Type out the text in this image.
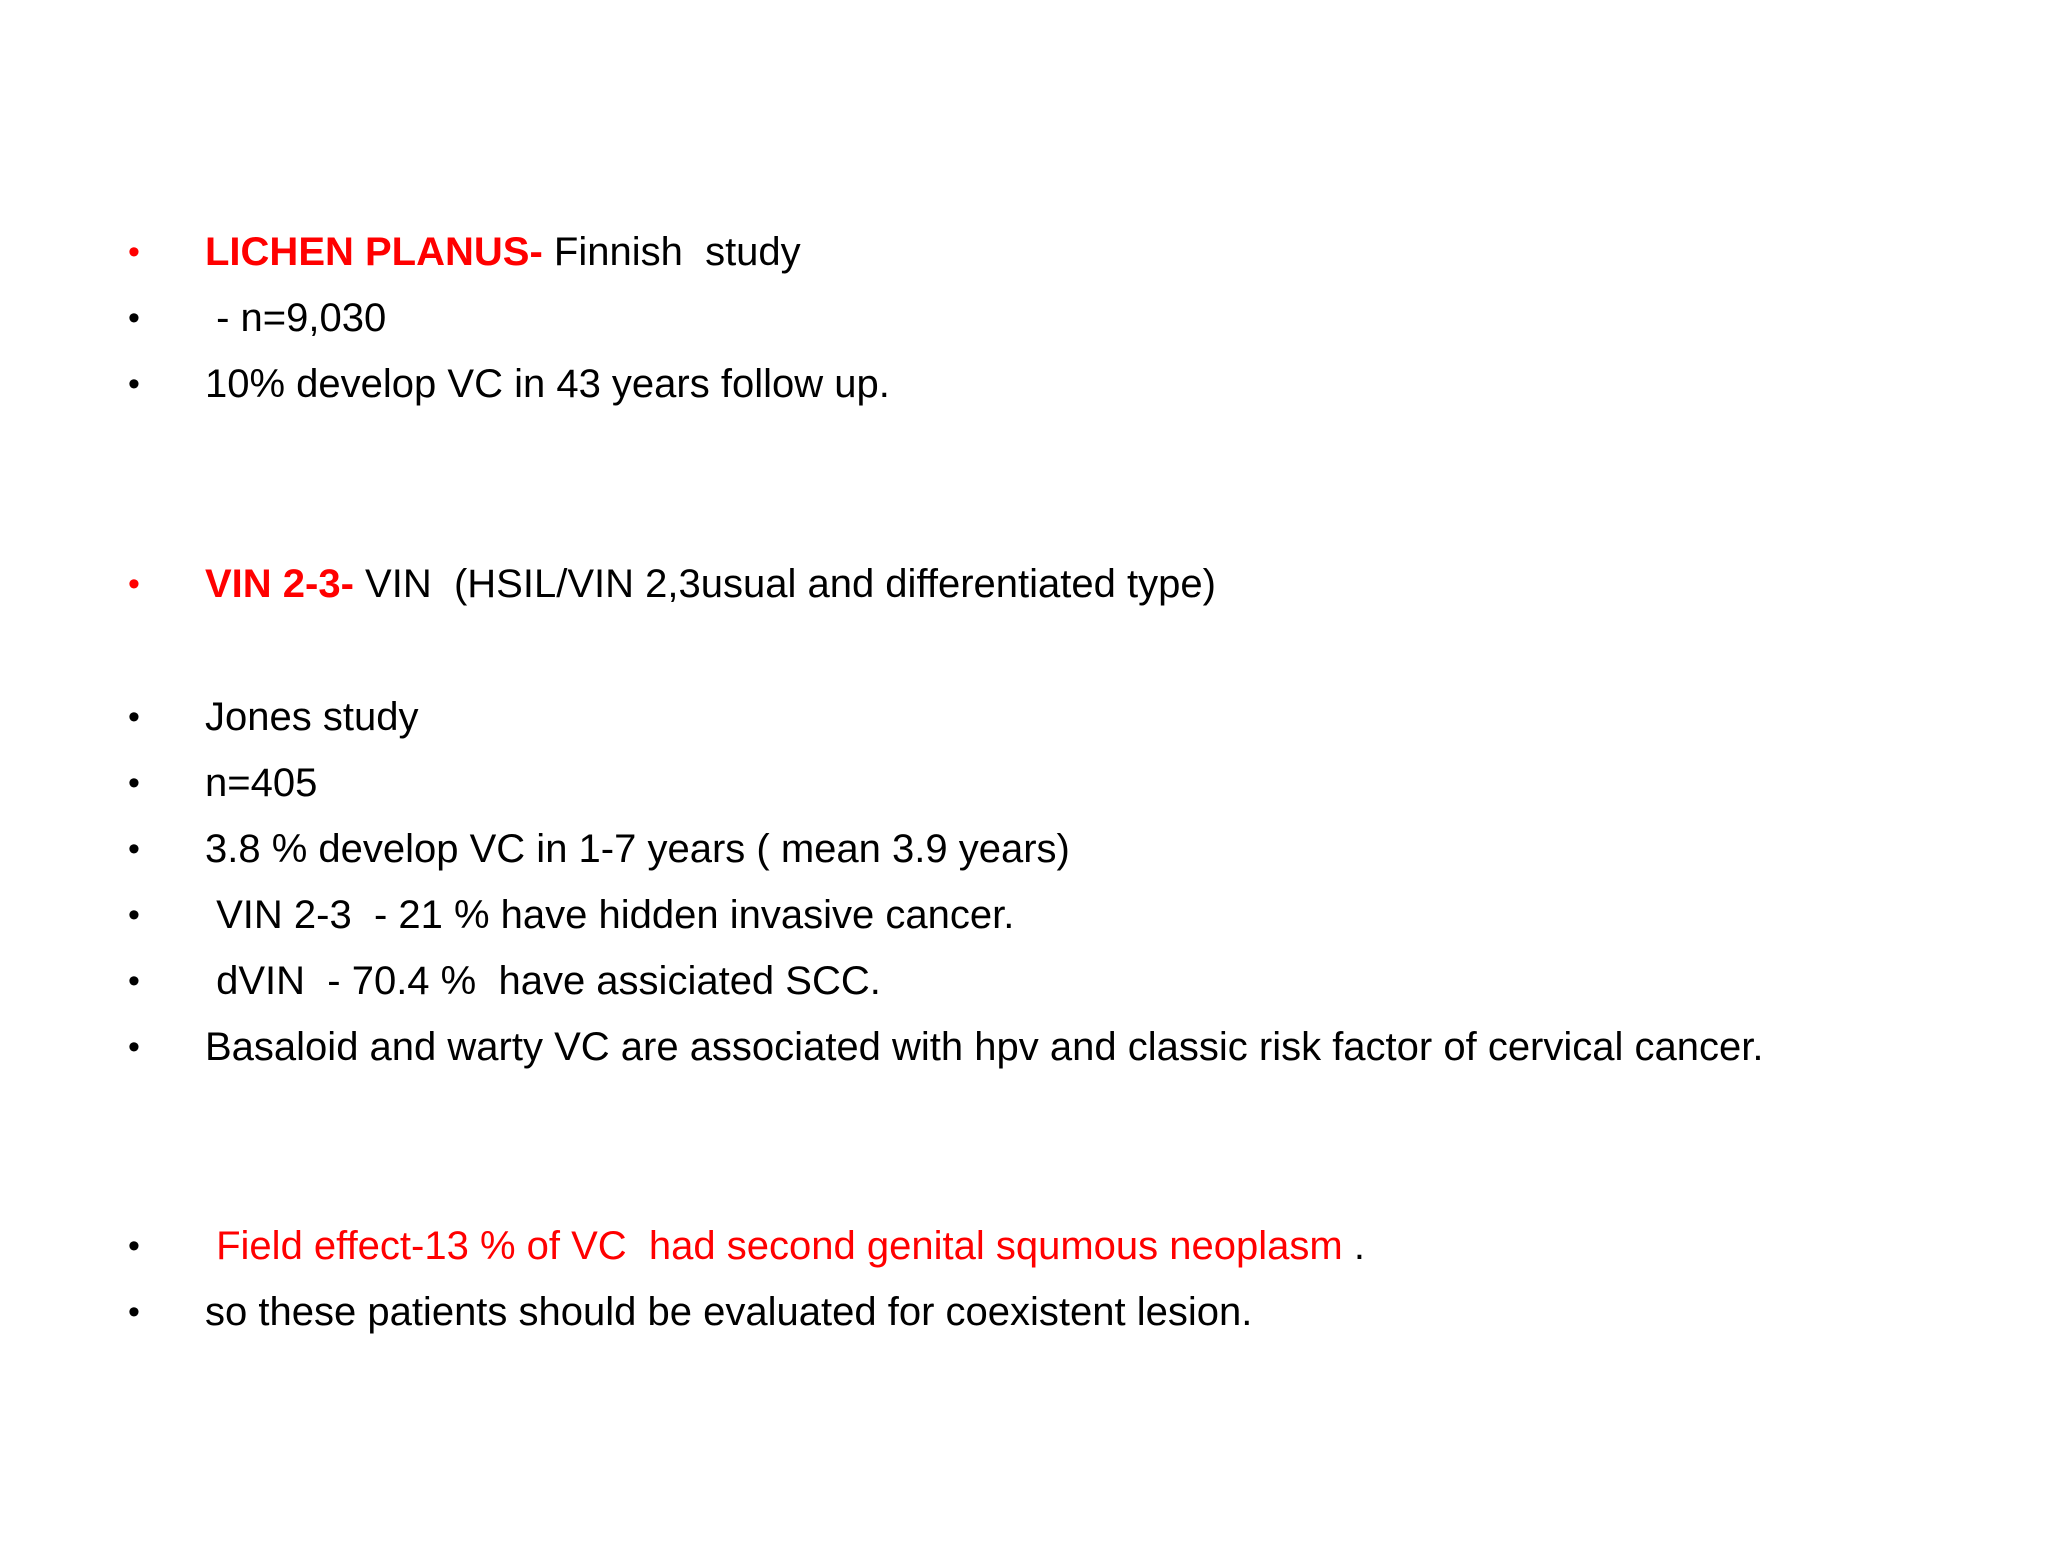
•

LICHEN PLANUS- Finnish  study

•

- n=9,030

•

10% develop VC in 43 years follow up.

•

VIN 2-3- VIN  (HSIL/VIN 2,3usual and differentiated type)

•

Jones study

•

n=405

•

3.8 % develop VC in 1-7 years ( mean 3.9 years)

•

VIN 2-3  - 21 % have hidden invasive cancer.

•

dVIN  - 70.4 %  have assiciated SCC.

•

Basaloid and warty VC are associated with hpv and classic risk factor of cervical cancer.

•

Field effect-13 % of VC  had second genital squmous neoplasm .

•

so these patients should be evaluated for coexistent lesion.
